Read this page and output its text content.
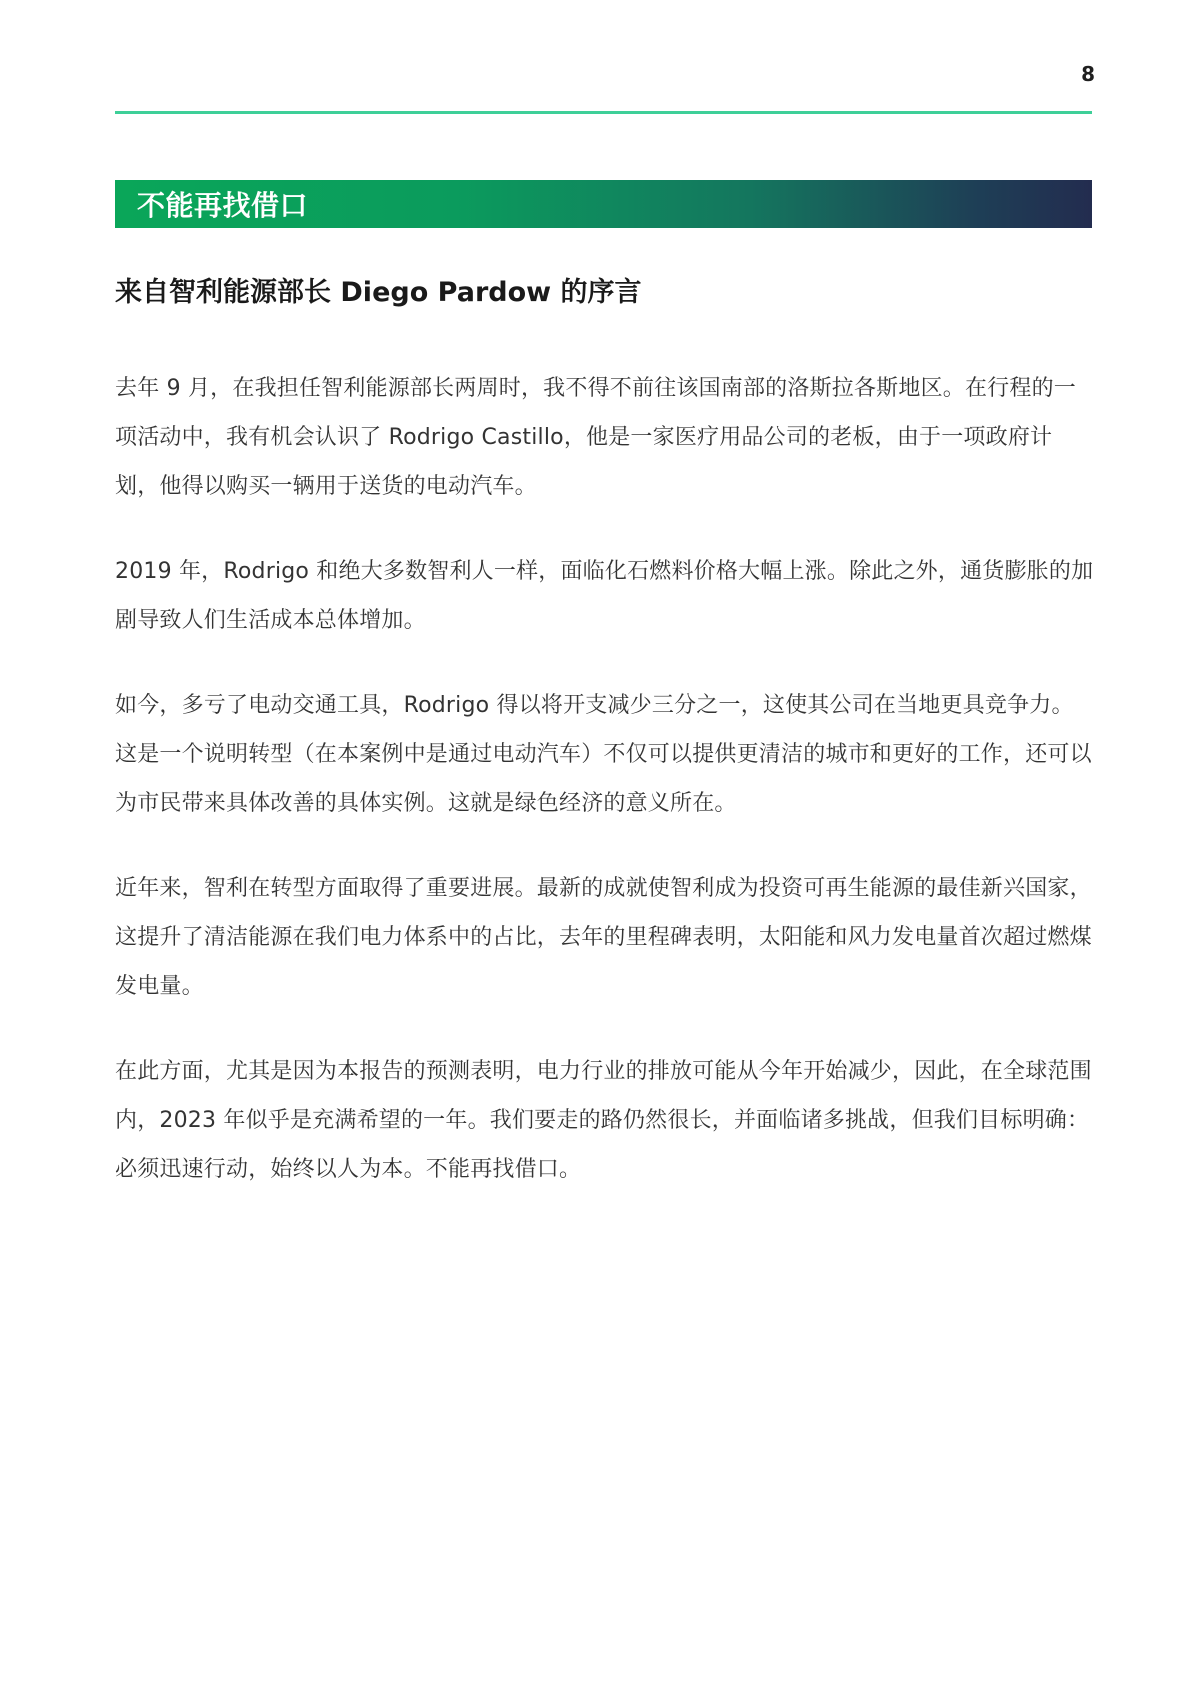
8
不能再找借口
来自智利能源部长 Diego Pardow 的序言

去年 9 月，在我担任智利能源部长两周时，我不得不前往该国南部的洛斯拉各斯地区。在行程的一项活动中，我有机会认识了 Rodrigo Castillo，他是一家医疗用品公司的老板，由于一项政府计划，他得以购买一辆用于送货的电动汽车。

2019 年，Rodrigo 和绝大多数智利人一样，面临化石燃料价格大幅上涨。除此之外，通货膨胀的加剧导致人们生活成本总体增加。

如今，多亏了电动交通工具，Rodrigo 得以将开支减少三分之一，这使其公司在当地更具竞争力。这是一个说明转型（在本案例中是通过电动汽车）不仅可以提供更清洁的城市和更好的工作，还可以为市民带来具体改善的具体实例。这就是绿色经济的意义所在。

近年来，智利在转型方面取得了重要进展。最新的成就使智利成为投资可再生能源的最佳新兴国家，这提升了清洁能源在我们电力体系中的占比，去年的里程碑表明，太阳能和风力发电量首次超过燃煤发电量。

在此方面，尤其是因为本报告的预测表明，电力行业的排放可能从今年开始减少，因此，在全球范围内，2023 年似乎是充满希望的一年。我们要走的路仍然很长，并面临诸多挑战，但我们目标明确：必须迅速行动，始终以人为本。不能再找借口。
